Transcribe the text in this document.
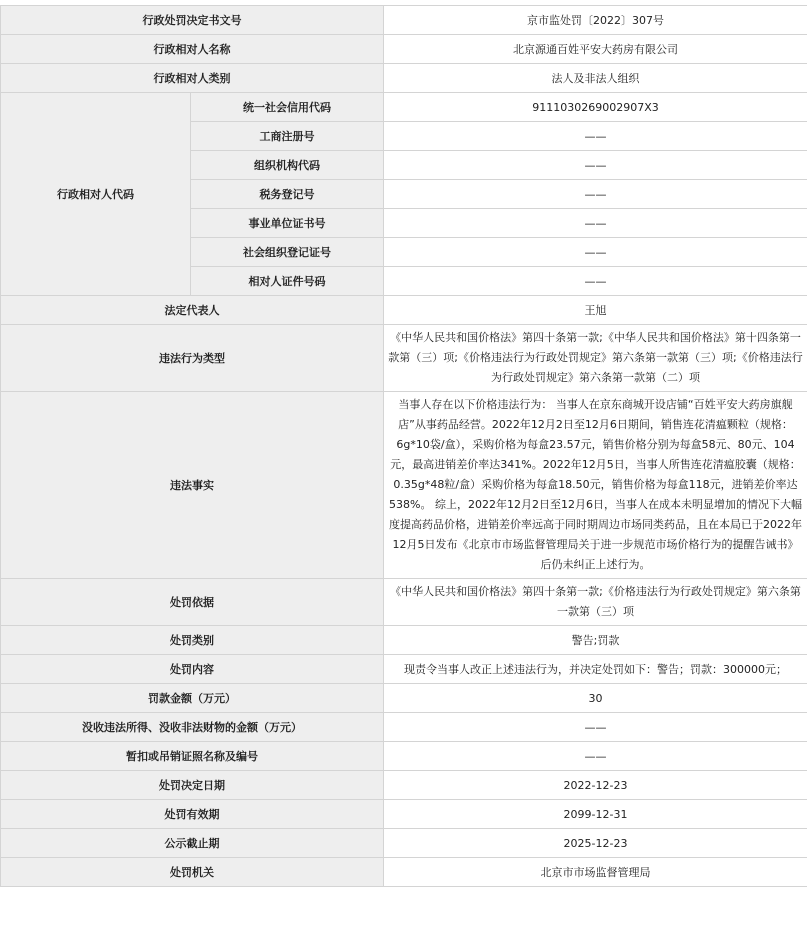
行政处罚决定书文号		京市监处罚〔2022〕307号
行政相对人名称		北京源通百姓平安大药房有限公司
行政相对人类别		法人及非法人组织
行政相对人代码	统一社会信用代码	911103026900290‌7X3
	工商注册号	——
	组织机构代码	——
	税务登记号	——
	事业单位证书号	——
	社会组织登记证号	——
	相对人证件号码	——
法定代表人		王旭
违法行为类型		《中华人民共和国价格法》第四十条第一款;《中华人民共和国价格法》第十四条第一款第（三）项;《价格违法行为行政处罚规定》第六条第一款第（三）项;《价格违法行为行政处罚规定》第六条第一款第（二）项
违法事实		当事人存在以下价格违法行为： 当事人在京东商城开设店铺“百姓平安大药房旗舰店”从事药品经营。2022年12月2日至12月6日期间，销售连花清瘟颗粒（规格：6g*10袋/盒），采购价格为每盒23.57元，销售价格分别为每盒58元、80元、104元，最高进销差价率达341%。2022年12月5日，当事人所售连花清瘟胶囊（规格：0.35g*48粒/盒）采购价格为每盒18.50元，销售价格为每盒118元，进销差价率达538%。 综上，2022年12月2日至12月6日，当事人在成本未明显增加的情况下大幅度提高药品价格，进销差价率远高于同时期周边市场同类药品，且在本局已于2022年12月5日发布《北京市市场监督管理局关于进一步规范市场价格行为的提醒告诫书》后仍未纠正上述行为。
处罚依据		《中华人民共和国价格法》第四十条第一款;《价格违法行为行政处罚规定》第六条第一款第（三）项
处罚类别		警告;罚款
处罚内容		现责令当事人改正上述违法行为，并决定处罚如下：警告；罚款：300000元；
罚款金额（万元）		30
没收违法所得、没收非法财物的金额（万元）		——
暂扣或吊销证照名称及编号		——
处罚决定日期		2022-12-23
处罚有效期		2099-12-31
公示截止期		2025-12-23
处罚机关		北京市市场监督管理局
